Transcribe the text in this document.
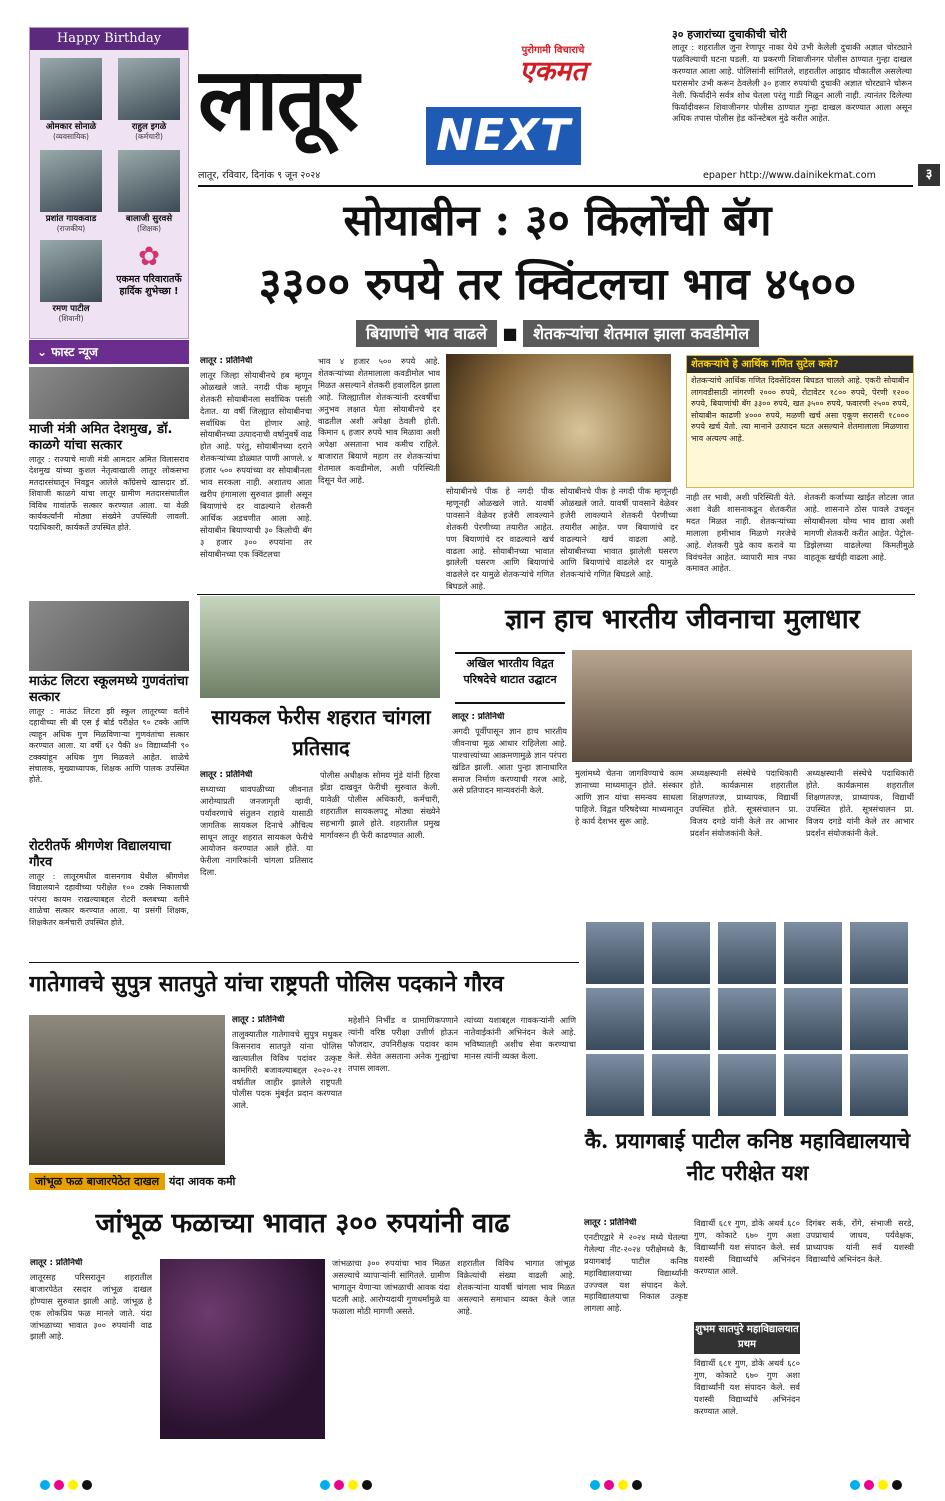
Happy Birthday
ओमकार सोनाळे
(व्यवसायिक)
राहुल इगळे
(कर्मचारी)
प्रशांत गायकवाड
(राजकीय)
बालाजी सुरवसे
(शिक्षक)
रमण पाटील
(शिवानी)
✿
एकमत परिवारातर्फे हार्दिक शुभेच्छा !
लातूर	पुरोगामी विचाराचे
एकमत
NEXT
३० हजारांच्या दुचाकीची चोरी
लातूर : शहरातील जुना रेणापूर नाका येथे उभी केलेली दुचाकी अज्ञात चोरट्याने पळविल्याची घटना घडली. या प्रकरणी शिवाजीनगर पोलीस ठाण्यात गुन्हा दाखल करण्यात आला आहे. पोलिसांनी सांगितले, शहरातील आझाद चौकातील असलेल्या घरासमोर उभी करून ठेवलेली ३० हजार रुपयांची दुचाकी अज्ञात चोरट्याने चोरून नेली. फिर्यादीने सर्वत्र शोध घेतला परंतु गाडी मिळून आली नाही. त्यानंतर दिलेल्या फिर्यादीवरून शिवाजीनगर पोलीस ठाण्यात गुन्हा दाखल करण्यात आला असून अधिक तपास पोलीस हेड कॉन्स्टेबल मुंढे करीत आहेत.
लातूर, रविवार, दिनांक ९ जून २०२४	epaper http://www.dainikekmat.com	३
सोयाबीन : ३० किलोंची बॅग
३३०० रुपये तर क्विंटलचा भाव ४५००
बियाणांचे भाव वाढले ■ शेतकऱ्यांचा शेतमाल झाला कवडीमोल
लातूर : प्रतिनिधी
लातूर जिल्हा सोयाबीनचे हब म्हणून ओळखले जाते. नगदी पीक म्हणून शेतकरी सोयाबीनला सर्वाधिक पसंती देतात. या वर्षी जिल्ह्यात सोयाबीनचा सर्वाधिक पेरा होणार आहे. सोयाबीनच्या उत्पादनाची वर्षानुवर्षे वाढ होत आहे. परंतु, सोयाबीनच्या दराने शेतकऱ्यांच्या डोळ्यात पाणी आणले. ४ हजार ५०० रुपयांच्या वर सोयाबीनला भाव सरकला नाही. अशातच आता खरीप हंगामाला सुरुवात झाली असून बियाणांचे दर वाढल्याने शेतकरी आर्थिक अडचणीत आला आहे. सोयाबीन बियाण्याची ३० किलोची बॅग ३ हजार ३०० रुपयांना तर सोयाबीनच्या एक क्विंटलचा
भाव ४ हजार ५०० रुपये आहे. शेतकऱ्यांच्या शेतमालाला कवडीमोल भाव मिळत असल्याने शेतकरी हवालदिल झाला आहे. जिल्ह्यातील शेतकऱ्यांनी दरवर्षीचा अनुभव लक्षात घेता सोयाबीनचे दर वाढतील अशी अपेक्षा ठेवली होती. किमान ६ हजार रुपये भाव मिळावा अशी अपेक्षा असताना भाव कमीच राहिले. बाजारात बियाणे महाग तर शेतकऱ्यांचा शेतमाल कवडीमोल, अशी परिस्थिती दिसून येत आहे.
सोयाबीनचे पीक हे नगदी पीक म्हणूनही ओळखले जाते. यावर्षी पावसाने वेळेवर हजेरी लावल्याने शेतकरी पेरणीच्या तयारीत आहेत. पण बियाणांचे दर वाढल्याने खर्च वाढला आहे. सोयाबीनच्या भावात झालेली घसरण आणि बियाणांचे वाढलेले दर यामुळे शेतकऱ्यांचे गणित बिघडले आहे.
सोयाबीनचे पीक हे नगदी पीक म्हणूनही ओळखले जाते. यावर्षी पावसाने वेळेवर हजेरी लावल्याने शेतकरी पेरणीच्या तयारीत आहेत. पण बियाणांचे दर वाढल्याने खर्च वाढला आहे. सोयाबीनच्या भावात झालेली घसरण आणि बियाणांचे वाढलेले दर यामुळे शेतकऱ्यांचे गणित बिघडले आहे.
नाही तर भावी, अशी परिस्थिती येते. अशा वेळी शासनाकडून शेतकरीत मदत मिळत नाही. शेतकऱ्यांच्या मालाला हमीभाव मिळणे गरजेचे आहे. शेतकरी पुढे काय करावे या विवंचनेत आहेत. व्यापारी मात्र नफा कमावत आहेत.
शेतकरी कर्जाच्या खाईत लोटला जात आहे. शासनाने ठोस पावले उचलून सोयाबीनला योग्य भाव द्यावा अशी मागणी शेतकरी करीत आहेत. पेट्रोल-डिझेलच्या वाढलेल्या किमतीमुळे वाहतूक खर्चही वाढला आहे.
शेतकऱ्यांचे हे आर्थिक गणित सुटेल कसे?
शेतकऱ्यांचे आर्थिक गणित दिवसेंदिवस बिघडत चालले आहे. एकरी सोयाबीन लागवडीसाठी नांगरणी २००० रुपये, रोटावेटर १८०० रुपये, पेरणी १२०० रुपये, बियाणांची बॅग ३३०० रुपये, खत ३५०० रुपये, फवारणी २५०० रुपये, सोयाबीन काढणी ४००० रुपये, मळणी खर्च असा एकूण सरासरी १८००० रुपये खर्च येतो. त्या मानाने उत्पादन घटत असल्याने शेतमालाला मिळणारा भाव अत्यल्प आहे.
⌄ फास्ट न्यूज
माजी मंत्री अमित देशमुख, डॉ. काळगे यांचा सत्कार
लातूर : राज्याचे माजी मंत्री आमदार अमित विलासराव देशमुख यांच्या कुशल नेतृत्वाखाली लातूर लोकसभा मतदारसंघातून निवडून आलेले काँग्रेसचे खासदार डॉ. शिवाजी काळगे यांचा लातूर ग्रामीण मतदारसंघातील विविध गावांतर्फे सत्कार करण्यात आला. या वेळी कार्यकर्त्यांनी मोठ्या संख्येने उपस्थिती लावली. पदाधिकारी, कार्यकर्ते उपस्थित होते.
माऊंट लिटरा स्कूलमध्ये गुणवंतांचा सत्कार
लातूर : माऊंट लिटरा झी स्कूल लातूरच्या वतीने दहावीच्या सी बी एस ई बोर्ड परीक्षेत ९० टक्के आणि त्याहून अधिक गुण मिळविणाऱ्या गुणवंतांचा सत्कार करण्यात आला. या वर्षी ६२ पैकी ४० विद्यार्थ्यांनी ९० टक्क्यांहून अधिक गुण मिळवले आहेत. शाळेचे संचालक, मुख्याध्यापक, शिक्षक आणि पालक उपस्थित होते.
रोटरीतर्फे श्रीगणेश विद्यालयाचा गौरव
लातूर : लातूरमधील वासनगाव येथील श्रीगणेश विद्यालयाने दहावीच्या परीक्षेत १०० टक्के निकालाची परंपरा कायम राखल्याबद्दल रोटरी क्लबच्या वतीने शाळेचा सत्कार करण्यात आला. या प्रसंगी शिक्षक, शिक्षकेतर कर्मचारी उपस्थित होते.
सायकल फेरीस शहरात चांगला प्रतिसाद
लातूर : प्रतिनिधी
सध्याच्या धावपळीच्या जीवनात आरोग्याप्रती जनजागृती व्हावी, पर्यावरणाचे संतुलन राहावे यासाठी जागतिक सायकल दिनाचे औचित्य साधून लातूर शहरात सायकल फेरीचे आयोजन करण्यात आले होते. या फेरीला नागरिकांनी चांगला प्रतिसाद दिला.
पोलीस अधीक्षक सोमय मुंडे यांनी हिरवा झेंडा दाखवून फेरीची सुरुवात केली. यावेळी पोलीस अधिकारी, कर्मचारी, शहरातील सायकलपटू मोठ्या संख्येने सहभागी झाले होते. शहरातील प्रमुख मार्गावरून ही फेरी काढण्यात आली.
ज्ञान हाच भारतीय जीवनाचा मुलाधार
अखिल भारतीय विद्वत परिषदेचे थाटात उद्घाटन
लातूर : प्रतिनिधी
अगदी पूर्वीपासून ज्ञान हाच भारतीय जीवनाचा मूळ आधार राहिलेला आहे. पाश्चात्त्यांच्या आक्रमणामुळे ज्ञान परंपरा खंडित झाली. आता पुन्हा ज्ञानाधारित समाज निर्माण करण्याची गरज आहे, असे प्रतिपादन मान्यवरांनी केले.
मुलांमध्ये चेतना जागविण्याचे काम ज्ञानाच्या माध्यमातून होते. संस्कार आणि ज्ञान यांचा समन्वय साधला पाहिजे. विद्वत परिषदेच्या माध्यमातून हे कार्य देशभर सुरू आहे.
अध्यक्षस्थानी संस्थेचे पदाधिकारी होते. कार्यक्रमास शहरातील शिक्षणतज्ज्ञ, प्राध्यापक, विद्यार्थी उपस्थित होते. सूत्रसंचालन प्रा. विजय दगडे यांनी केले तर आभार प्रदर्शन संयोजकांनी केले.
अध्यक्षस्थानी संस्थेचे पदाधिकारी होते. कार्यक्रमास शहरातील शिक्षणतज्ज्ञ, प्राध्यापक, विद्यार्थी उपस्थित होते. सूत्रसंचालन प्रा. विजय दगडे यांनी केले तर आभार प्रदर्शन संयोजकांनी केले.
गातेगावचे सुपुत्र सातपुते यांचा राष्ट्रपती पोलिस पदकाने गौरव
लातूर : प्रतिनिधी
तालुक्यातील गातेगावचे सुपुत्र मधुकर किसनराव सातपुते यांना पोलिस खात्यातील विविध पदांवर उत्कृष्ट कामगिरी बजावल्याबद्दल २०२०-२१ वर्षातील जाहीर झालेले राष्ट्रपती पोलीस पदक मुंबईत प्रदान करण्यात आले.
महेशीने निर्भीड व प्रामाणिकपणाने त्यांनी वरिष्ठ परीक्षा उत्तीर्ण होऊन फौजदार, उपनिरीक्षक पदावर काम केले. सेवेत असताना अनेक गुन्ह्यांचा तपास लावला.
त्यांच्या यशाबद्दल गावकऱ्यांनी आणि नातेवाईकांनी अभिनंदन केले आहे. भविष्यातही अशीच सेवा करण्याचा मानस त्यांनी व्यक्त केला.
कै. प्रयागबाई पाटील कनिष्ठ महाविद्यालयाचे नीट परीक्षेत यश
जांभूळ फळ बाजारपेठेत दाखल यंदा आवक कमी
जांभूळ फळाच्या भावात ३०० रुपयांनी वाढ
लातूर : प्रतिनिधी
लातूरसह परिसरातून शहरातील बाजारपेठेत रसदार जांभूळ दाखल होण्यास सुरुवात झाली आहे. जांभूळ हे एक लोकप्रिय फळ मानले जाते. यंदा जांभळाच्या भावात ३०० रुपयांनी वाढ झाली आहे.
जांभळाचा ३०० रुपयांचा भाव मिळत असल्याचे व्यापाऱ्यांनी सांगितले. ग्रामीण भागातून येणाऱ्या जांभळाची आवक यंदा घटली आहे. आरोग्यदायी गुणधर्मांमुळे या फळाला मोठी मागणी असते.
शहरातील विविध भागात जांभूळ विक्रेत्यांची संख्या वाढली आहे. शेतकऱ्यांना यावर्षी चांगला भाव मिळत असल्याने समाधान व्यक्त केले जात आहे.
लातूर : प्रतिनिधी
एनटीएद्वारे मे २०२४ मध्ये घेतल्या गेलेल्या नीट-२०२४ परीक्षेमध्ये कै. प्रयागबाई पाटील कनिष्ठ महाविद्यालयाच्या विद्यार्थ्यांनी उज्ज्वल यश संपादन केले. महाविद्यालयाचा निकाल उत्कृष्ट लागला आहे.
विद्यार्थी ६८१ गुण, डोके अथर्व ६८० गुण, कोकाटे ६७० गुण अशा विद्यार्थ्यांनी यश संपादन केले. सर्व यशस्वी विद्यार्थ्यांचे अभिनंदन करण्यात आले.
शुभम सातपुरे महाविद्यालयात प्रथम
विद्यार्थी ६८१ गुण, डोके अथर्व ६८० गुण, कोकाटे ६७० गुण अशा विद्यार्थ्यांनी यश संपादन केले. सर्व यशस्वी विद्यार्थ्यांचे अभिनंदन करण्यात आले.
दिगंबर सर्क, रोंगे, संभाजी सरडे, उपप्राचार्य जाधव, पर्यवेक्षक, प्राध्यापक यांनी सर्व यशस्वी विद्यार्थ्यांचे अभिनंदन केले.
